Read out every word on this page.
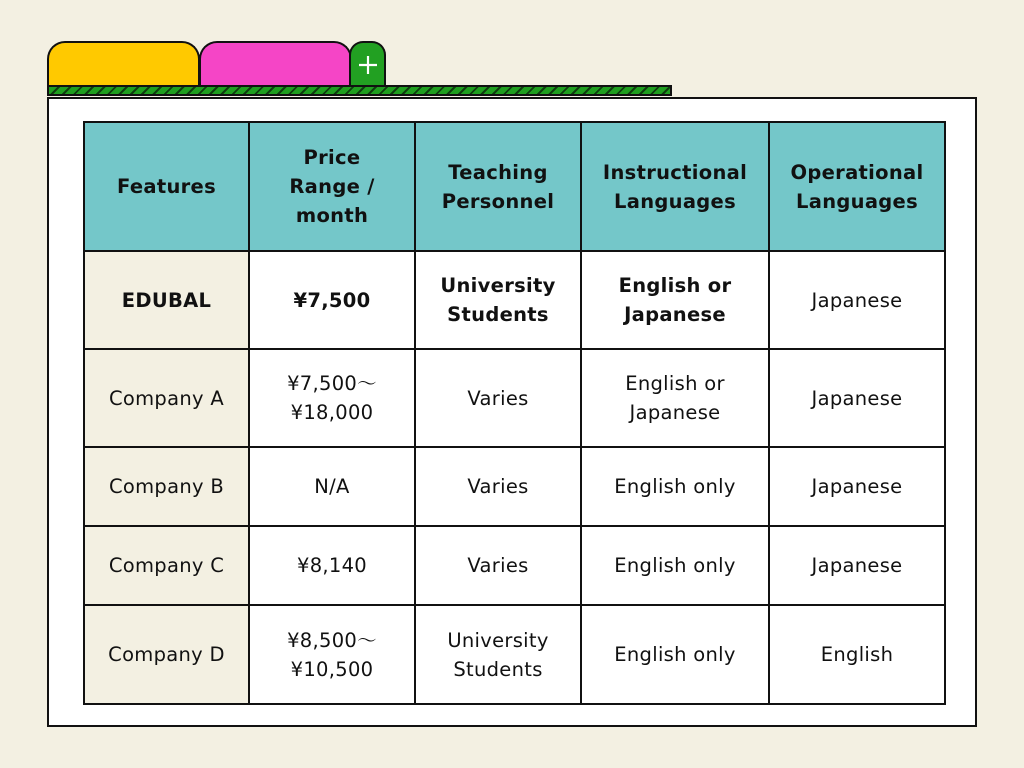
Features	Price Range / month	Teaching Personnel	Instructional Languages	Operational Languages
EDUBAL	¥7,500	University Students	English or Japanese	Japanese
Company A	¥7,500～ ¥18,000	Varies	English or Japanese	Japanese
Company B	N/A	Varies	English only	Japanese
Company C	¥8,140	Varies	English only	Japanese
Company D	¥8,500～ ¥10,500	University Students	English only	English
